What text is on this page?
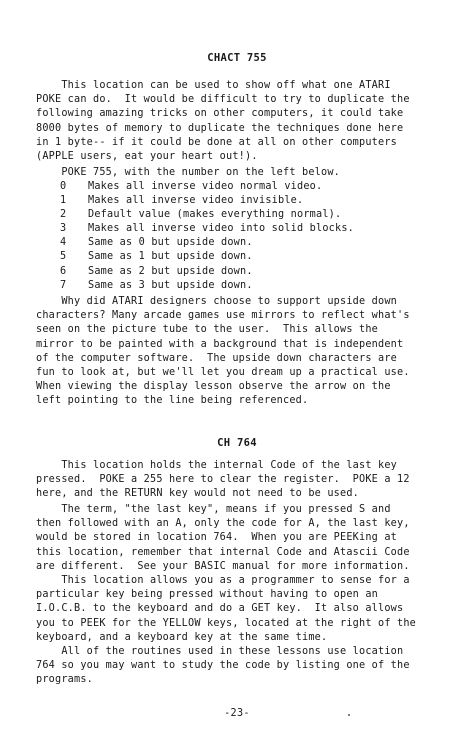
CHACT 755
This location can be used to show off what one ATARI
POKE can do.  It would be difficult to try to duplicate the
following amazing tricks on other computers, it could take
8000 bytes of memory to duplicate the techniques done here
in 1 byte-- if it could be done at all on other computers
(APPLE users, eat your heart out!).
POKE 755, with the number on the left below.
0	Makes all inverse video normal video.
1	Makes all inverse video invisible.
2	Default value (makes everything normal).
3	Makes all inverse video into solid blocks.
4	Same as 0 but upside down.
5	Same as 1 but upside down.
6	Same as 2 but upside down.
7	Same as 3 but upside down.
Why did ATARI designers choose to support upside down
characters? Many arcade games use mirrors to reflect what's
seen on the picture tube to the user.  This allows the
mirror to be painted with a background that is independent
of the computer software.  The upside down characters are
fun to look at, but we'll let you dream up a practical use.
When viewing the display lesson observe the arrow on the
left pointing to the line being referenced.
CH 764
This location holds the internal Code of the last key
pressed.  POKE a 255 here to clear the register.  POKE a 12
here, and the RETURN key would not need to be used.
The term, "the last key", means if you pressed S and
then followed with an A, only the code for A, the last key,
would be stored in location 764.  When you are PEEKing at
this location, remember that internal Code and Atascii Code
are different.  See your BASIC manual for more information.
This location allows you as a programmer to sense for a
particular key being pressed without having to open an
I.O.C.B. to the keyboard and do a GET key.  It also allows
you to PEEK for the YELLOW keys, located at the right of the
keyboard, and a keyboard key at the same time.
All of the routines used in these lessons use location
764 so you may want to study the code by listing one of the
programs.
-23-
